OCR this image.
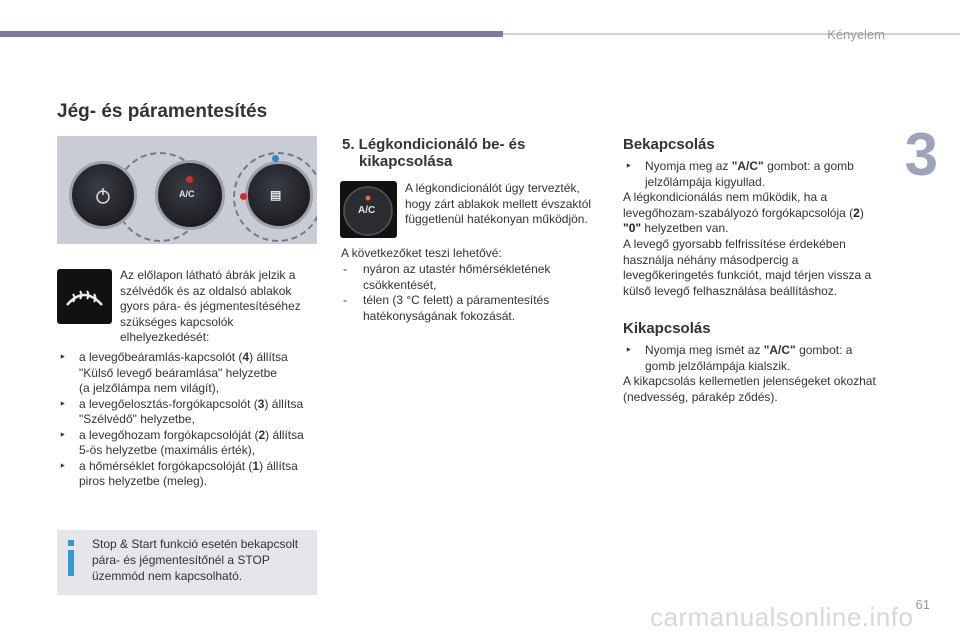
Kényelem
3
Jég- és páramentesítés
A/C	▤
Az előlapon látható ábrák jelzik a
szélvédők és az oldalsó ablakok
gyors pára- és jégmentesítéséhez
szükséges kapcsolók
elhelyezkedését:
‣ a levegőbeáramlás-kapcsolót (4) állítsa
"Külső levegő beáramlása" helyzetbe
(a jelzőlámpa nem világít),
‣ a levegőelosztás-forgókapcsolót (3) állítsa
"Szélvédő" helyzetbe,
‣ a levegőhozam forgókapcsolóját (2) állítsa
5-ös helyzetbe (maximális érték),
‣ a hőmérséklet forgókapcsolóját (1) állítsa
piros helyzetbe (meleg).
Stop & Start funkció esetén bekapcsolt
pára- és jégmentesítőnél a STOP
üzemmód nem kapcsolható.
5. Légkondicionáló be- és
kikapcsolása
A/C
A légkondicionálót úgy tervezték,
hogy zárt ablakok mellett évszaktól
függetlenül hatékonyan működjön.
A következőket teszi lehetővé:
- nyáron az utastér hőmérsékletének
csökkentését,
- télen (3 °C felett) a páramentesítés
hatékonyságának fokozását.
Bekapcsolás
‣ Nyomja meg az "A/C" gombot: a gomb
jelzőlámpája kigyullad.
A légkondicionálás nem működik, ha a
levegőhozam-szabályozó forgókapcsolója (2)
"0" helyzetben van.
A levegő gyorsabb felfrissítése érdekében
használja néhány másodpercig a
levegőkeringetés funkciót, majd térjen vissza a
külső levegő felhasználása beállításhoz.
Kikapcsolás
‣ Nyomja meg ismét az "A/C" gombot: a
gomb jelzőlámpája kialszik.
A kikapcsolás kellemetlen jelenségeket okozhat
(nedvesség, párakép ződés).
61
carmanualsonline.info
